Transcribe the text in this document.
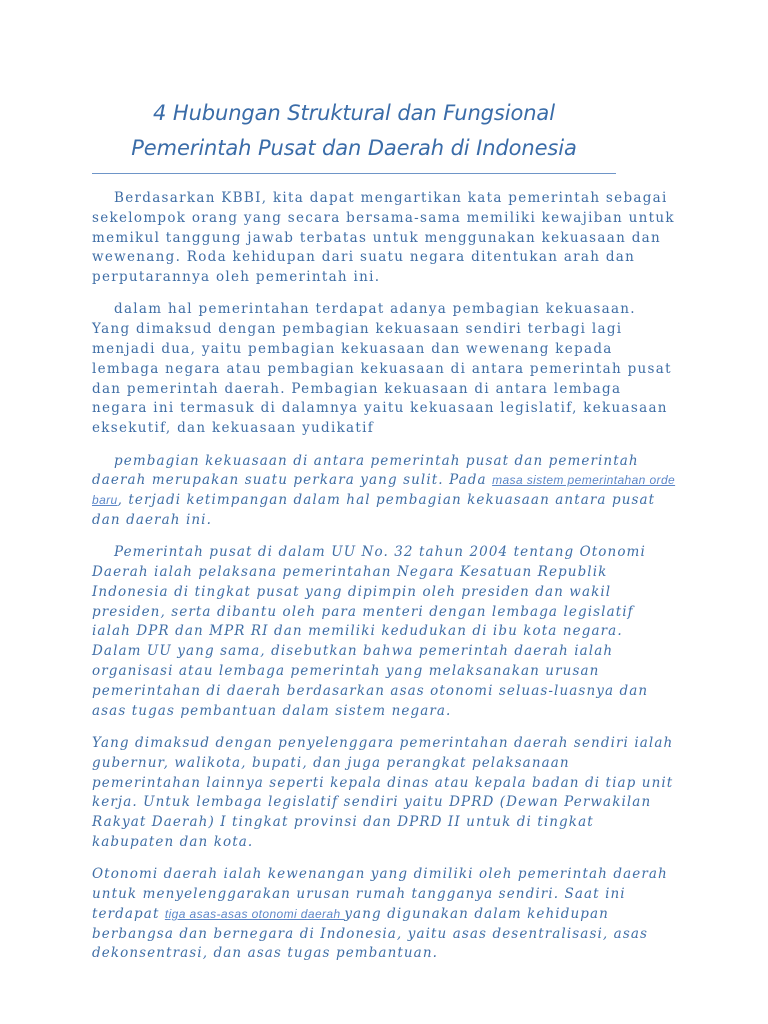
4 Hubungan Struktural dan Fungsional
Pemerintah Pusat dan Daerah di Indonesia

Berdasarkan KBBI, kita dapat mengartikan kata pemerintah sebagai sekelompok orang yang secara bersama-sama memiliki kewajiban untuk memikul tanggung jawab terbatas untuk menggunakan kekuasaan dan wewenang. Roda kehidupan dari suatu negara ditentukan arah dan perputarannya oleh pemerintah ini.

dalam hal pemerintahan terdapat adanya pembagian kekuasaan. Yang dimaksud dengan pembagian kekuasaan sendiri terbagi lagi menjadi dua, yaitu pembagian kekuasaan dan wewenang kepada lembaga negara atau pembagian kekuasaan di antara pemerintah pusat dan pemerintah daerah. Pembagian kekuasaan di antara lembaga negara ini termasuk di dalamnya yaitu kekuasaan legislatif, kekuasaan eksekutif, dan kekuasaan yudikatif

pembagian kekuasaan di antara pemerintah pusat dan pemerintah daerah merupakan suatu perkara yang sulit. Pada masa sistem pemerintahan orde baru, terjadi ketimpangan dalam hal pembagian kekuasaan antara pusat dan daerah ini.

Pemerintah pusat di dalam UU No. 32 tahun 2004 tentang Otonomi Daerah ialah pelaksana pemerintahan Negara Kesatuan Republik Indonesia di tingkat pusat yang dipimpin oleh presiden dan wakil presiden, serta dibantu oleh para menteri dengan lembaga legislatif ialah DPR dan MPR RI dan memiliki kedudukan di ibu kota negara. Dalam UU yang sama, disebutkan bahwa pemerintah daerah ialah organisasi atau lembaga pemerintah yang melaksanakan urusan pemerintahan di daerah berdasarkan asas otonomi seluas-luasnya dan asas tugas pembantuan dalam sistem negara.

Yang dimaksud dengan penyelenggara pemerintahan daerah sendiri ialah gubernur, walikota, bupati, dan juga perangkat pelaksanaan pemerintahan lainnya seperti kepala dinas atau kepala badan di tiap unit kerja. Untuk lembaga legislatif sendiri yaitu DPRD (Dewan Perwakilan Rakyat Daerah) I tingkat provinsi dan DPRD II untuk di tingkat kabupaten dan kota.

Otonomi daerah ialah kewenangan yang dimiliki oleh pemerintah daerah untuk menyelenggarakan urusan rumah tangganya sendiri. Saat ini terdapat tiga asas-asas otonomi daerah yang digunakan dalam kehidupan berbangsa dan bernegara di Indonesia, yaitu asas desentralisasi, asas dekonsentrasi, dan asas tugas pembantuan.
